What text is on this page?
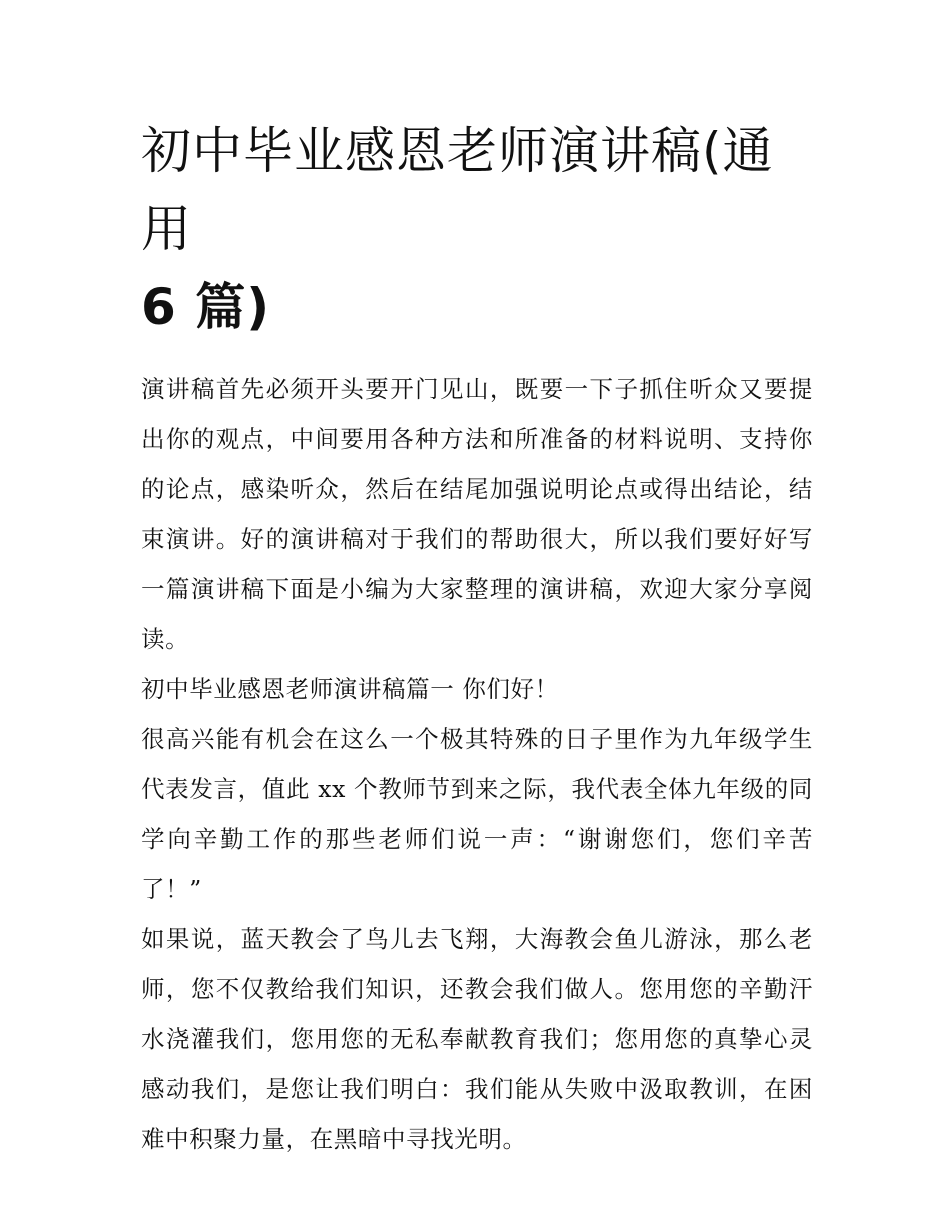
初中毕业感恩老师演讲稿(通用
6 篇)

演讲稿首先必须开头要开门见山，既要一下子抓住听众又要提出你的观点，中间要用各种方法和所准备的材料说明、支持你的论点，感染听众，然后在结尾加强说明论点或得出结论，结束演讲。好的演讲稿对于我们的帮助很大，所以我们要好好写一篇演讲稿下面是小编为大家整理的演讲稿，欢迎大家分享阅读。

初中毕业感恩老师演讲稿篇一 你们好！

很高兴能有机会在这么一个极其特殊的日子里作为九年级学生代表发言，值此 xx 个教师节到来之际，我代表全体九年级的同学向辛勤工作的那些老师们说一声：“谢谢您们，您们辛苦了！”

如果说，蓝天教会了鸟儿去飞翔，大海教会鱼儿游泳，那么老师，您不仅教给我们知识，还教会我们做人。您用您的辛勤汗水浇灌我们，您用您的无私奉献教育我们；您用您的真挚心灵感动我们，是您让我们明白：我们能从失败中汲取教训，在困难中积聚力量，在黑暗中寻找光明。
